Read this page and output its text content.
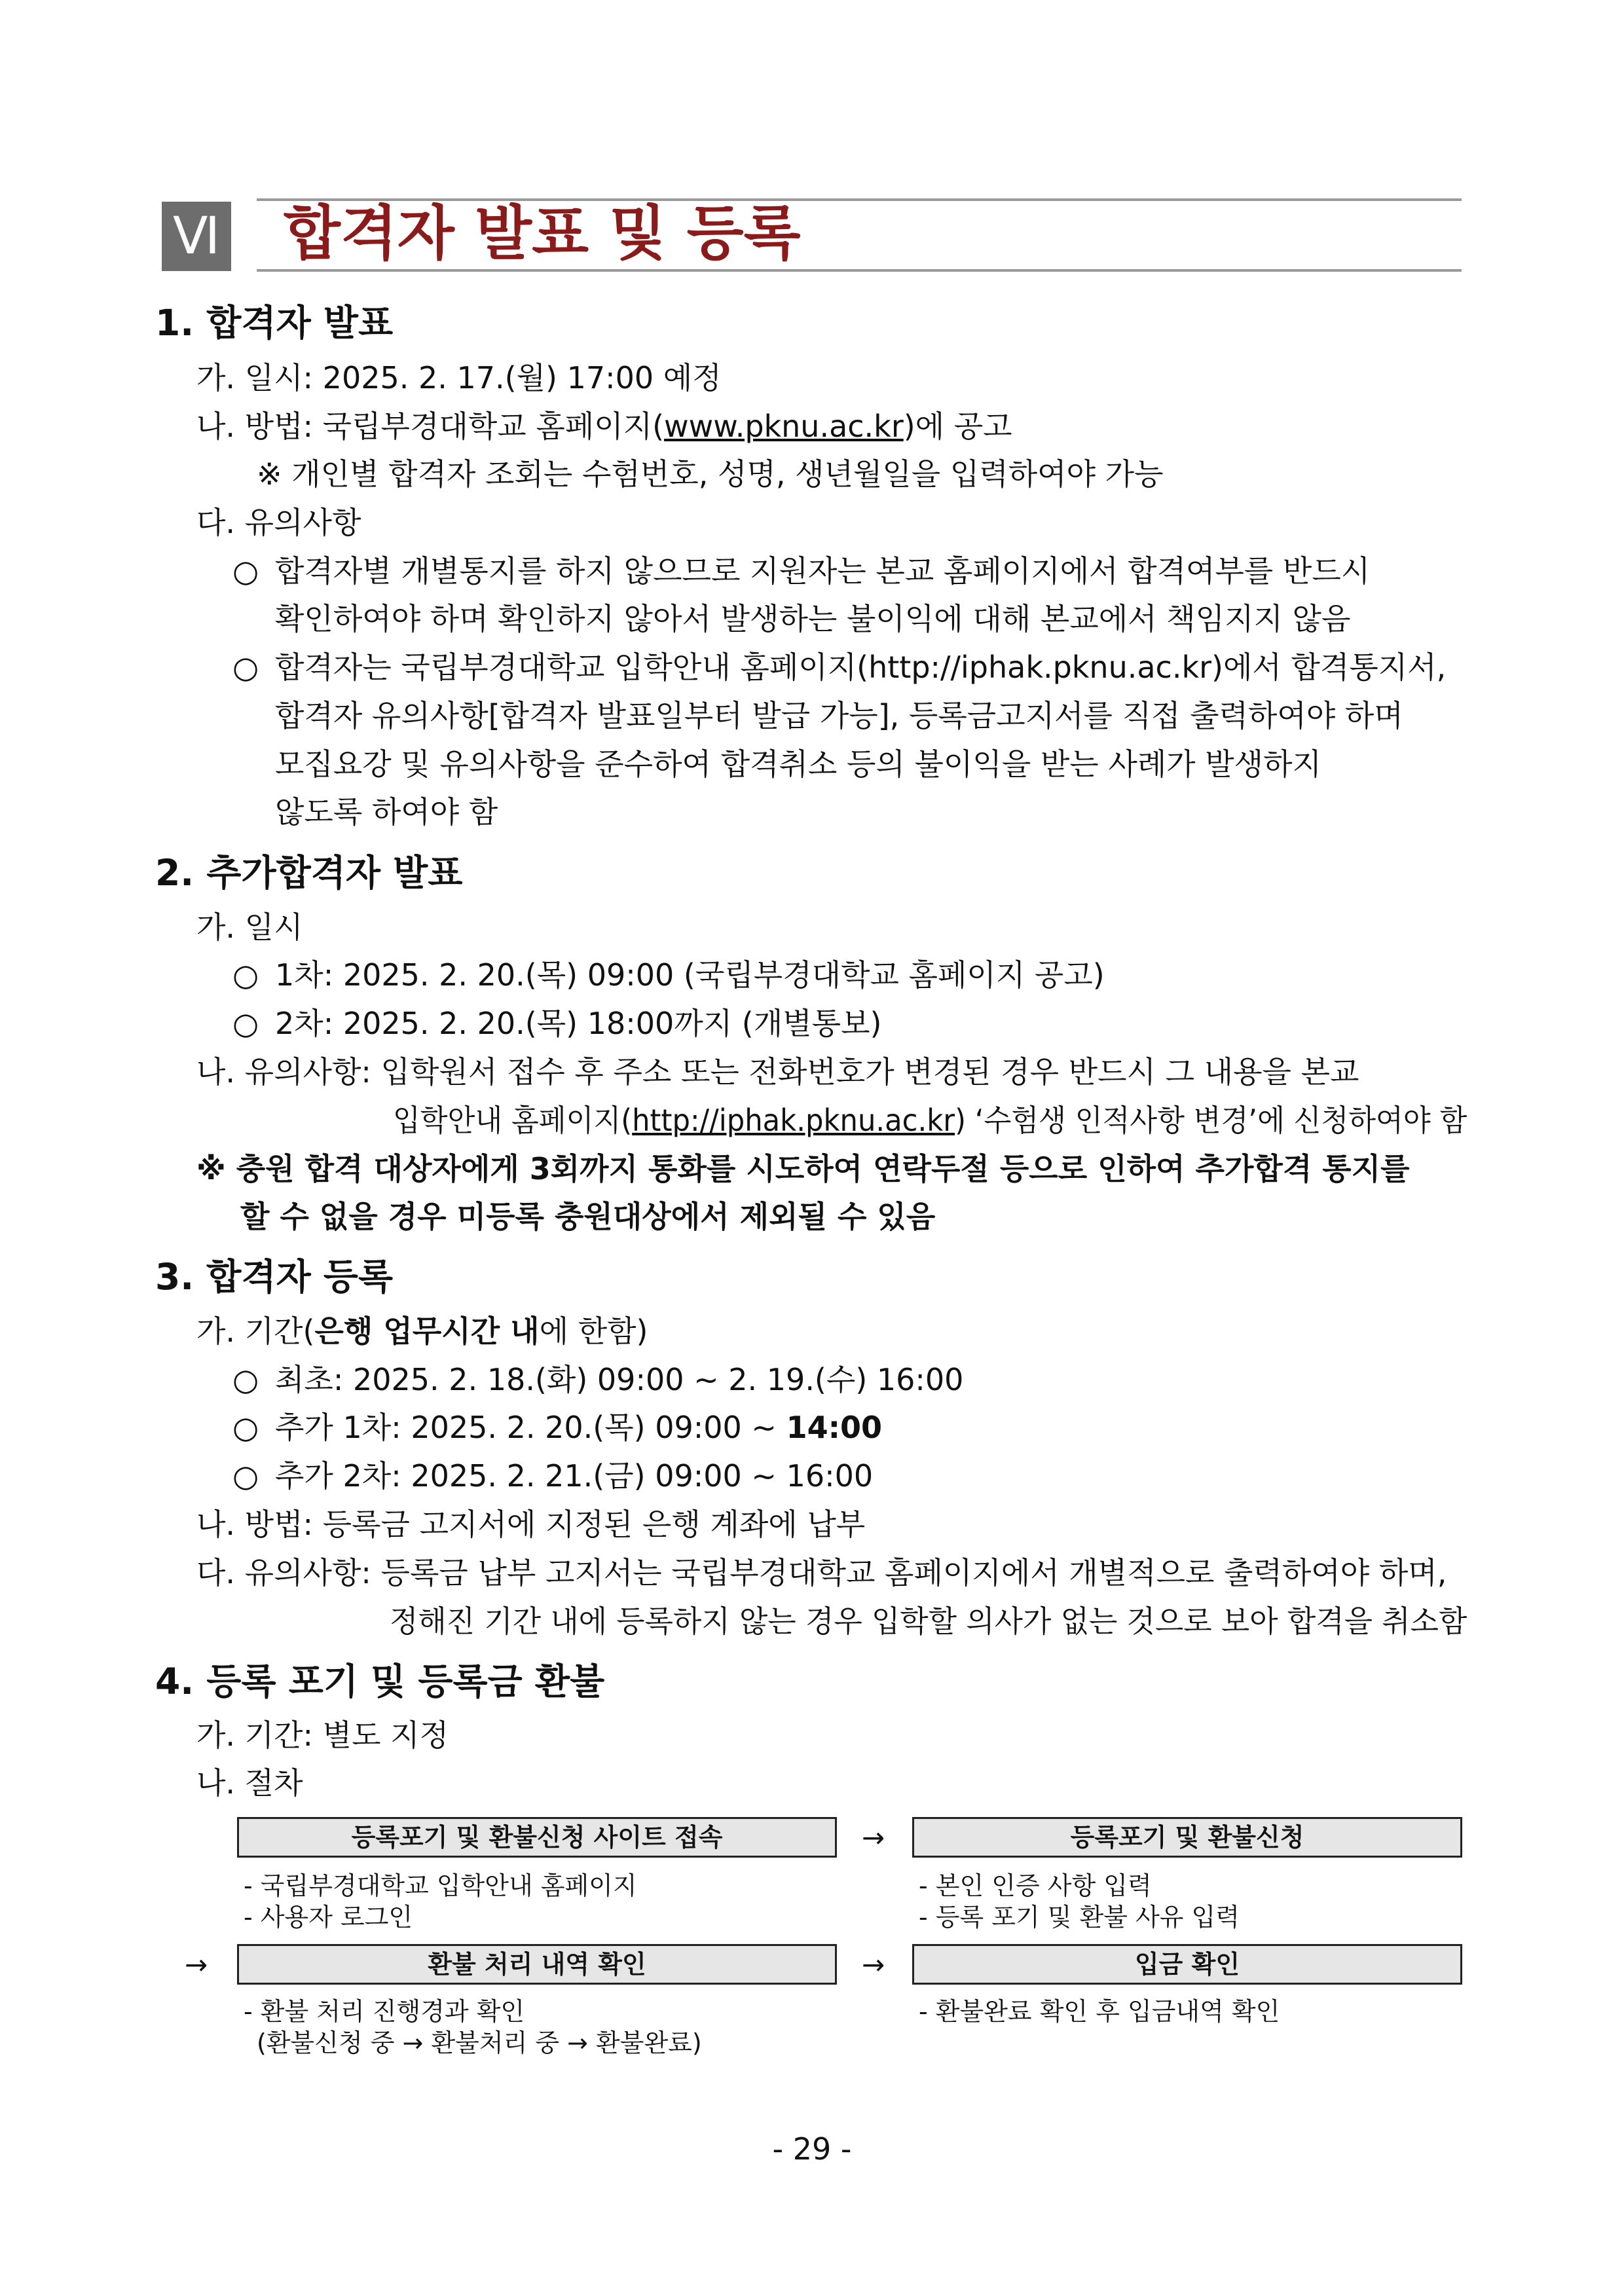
Ⅵ 합격자 발표 및 등록
1. 합격자 발표
가. 일시: 2025. 2. 17.(월) 17:00 예정
나. 방법: 국립부경대학교 홈페이지(www.pknu.ac.kr)에 공고
※ 개인별 합격자 조회는 수험번호, 성명, 생년월일을 입력하여야 가능
다. 유의사항
○ 합격자별 개별통지를 하지 않으므로 지원자는 본교 홈페이지에서 합격여부를 반드시
확인하여야 하며 확인하지 않아서 발생하는 불이익에 대해 본교에서 책임지지 않음
○ 합격자는 국립부경대학교 입학안내 홈페이지(http://iphak.pknu.ac.kr)에서 합격통지서,
합격자 유의사항[합격자 발표일부터 발급 가능], 등록금고지서를 직접 출력하여야 하며
모집요강 및 유의사항을 준수하여 합격취소 등의 불이익을 받는 사례가 발생하지
않도록 하여야 함
2. 추가합격자 발표
가. 일시
○ 1차: 2025. 2. 20.(목) 09:00 (국립부경대학교 홈페이지 공고)
○ 2차: 2025. 2. 20.(목) 18:00까지 (개별통보)
나. 유의사항: 입학원서 접수 후 주소 또는 전화번호가 변경된 경우 반드시 그 내용을 본교
입학안내 홈페이지(http://iphak.pknu.ac.kr) ‘수험생 인적사항 변경’에 신청하여야 함
※ 충원 합격 대상자에게 3회까지 통화를 시도하여 연락두절 등으로 인하여 추가합격 통지를
할 수 없을 경우 미등록 충원대상에서 제외될 수 있음
3. 합격자 등록
가. 기간(은행 업무시간 내에 한함)
○ 최초: 2025. 2. 18.(화) 09:00 ~ 2. 19.(수) 16:00
○ 추가 1차: 2025. 2. 20.(목) 09:00 ~ 14:00
○ 추가 2차: 2025. 2. 21.(금) 09:00 ~ 16:00
나. 방법: 등록금 고지서에 지정된 은행 계좌에 납부
다. 유의사항: 등록금 납부 고지서는 국립부경대학교 홈페이지에서 개별적으로 출력하여야 하며,
정해진 기간 내에 등록하지 않는 경우 입학할 의사가 없는 것으로 보아 합격을 취소함
4. 등록 포기 및 등록금 환불
가. 기간: 별도 지정
나. 절차
등록포기 및 환불신청 사이트 접속	→	등록포기 및 환불신청
- 국립부경대학교 입학안내 홈페이지
- 사용자 로그인
- 본인 인증 사항 입력
- 등록 포기 및 환불 사유 입력
→	환불 처리 내역 확인	→	입금 확인
- 환불 처리 진행경과 확인
(환불신청 중 → 환불처리 중 → 환불완료)
- 환불완료 확인 후 입금내역 확인
- 29 -
